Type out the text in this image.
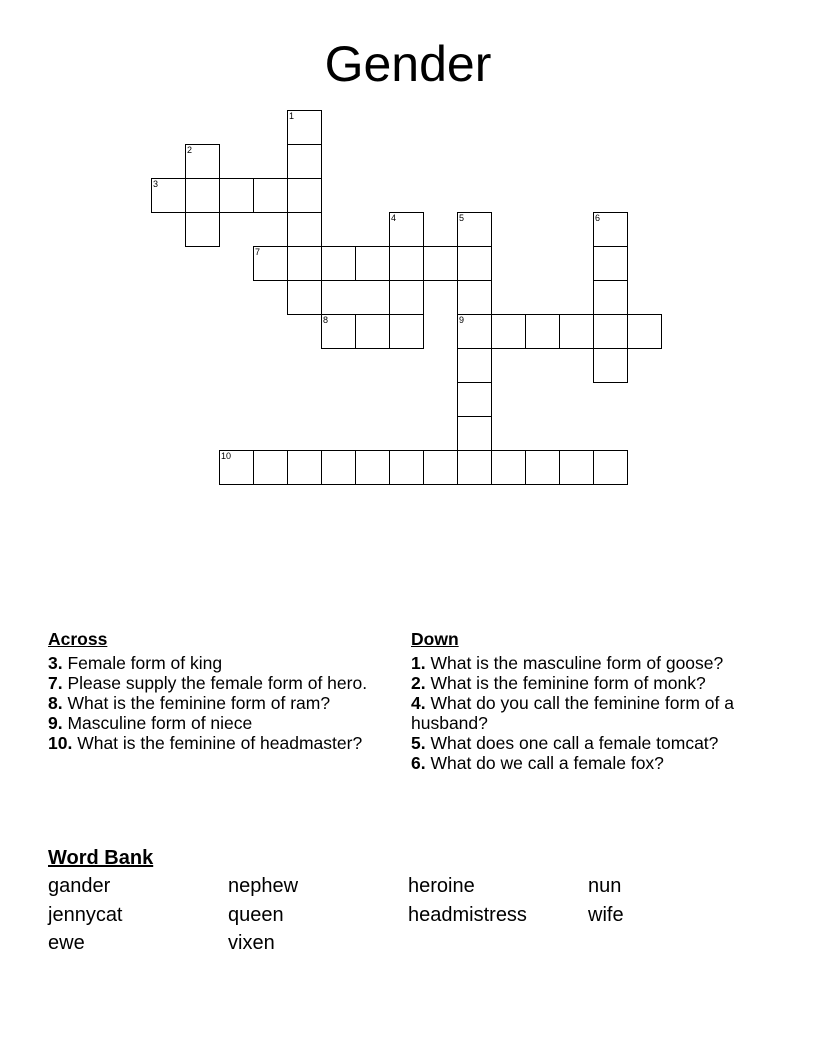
Gender
1
2
3
4	5	6
7
8	9
10
Across
3. Female form of king
7. Please supply the female form of hero.
8. What is the feminine form of ram?
9. Masculine form of niece
10. What is the feminine of headmaster?
Down
1. What is the masculine form of goose?
2. What is the feminine form of monk?
4. What do you call the feminine form of a husband?
5. What does one call a female tomcat?
6. What do we call a female fox?
Word Bank
gander	nephew	heroine	nun
jennycat	queen	headmistress	wife
ewe	vixen
